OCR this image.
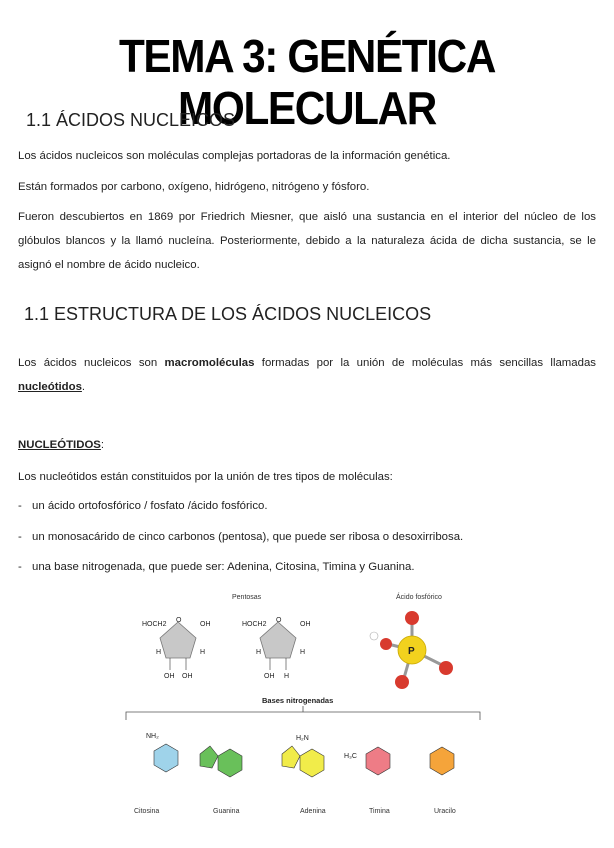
TEMA 3: GENÉTICA MOLECULAR
1.1 ÁCIDOS NUCLEICOS
Los ácidos nucleicos son moléculas complejas portadoras de la información genética.
Están formados por carbono, oxígeno, hidrógeno, nitrógeno y fósforo.
Fueron descubiertos en 1869 por Friedrich Miesner, que aisló una sustancia en el interior del núcleo de los glóbulos blancos y la llamó nucleína. Posteriormente, debido a la naturaleza ácida de dicha sustancia, se le asignó el nombre de ácido nucleico.
1.1 ESTRUCTURA DE LOS ÁCIDOS NUCLEICOS
Los ácidos nucleicos son macromoléculas formadas por la unión de moléculas más sencillas llamadas nucleótidos.
NUCLEÓTIDOS:
Los nucleótidos están constituidos por la unión de tres tipos de moléculas:
- un ácido ortofosfórico / fosfato /ácido fosfórico.
- un monosacárido de cinco carbonos (pentosa), que puede ser ribosa o desoxirribosa.
- una base nitrogenada, que puede ser: Adenina, Citosina, Timina y Guanina.
Pentosas	Ácido fosfórico
HOCH2
O
OH
H	H
OH OH
HOCH2
O
OH
H	H
OH H
P
Bases nitrogenadas
NH₂
Citosina	Guanina
H₂N
Adenina
H₃C
Timina	Uracilo
